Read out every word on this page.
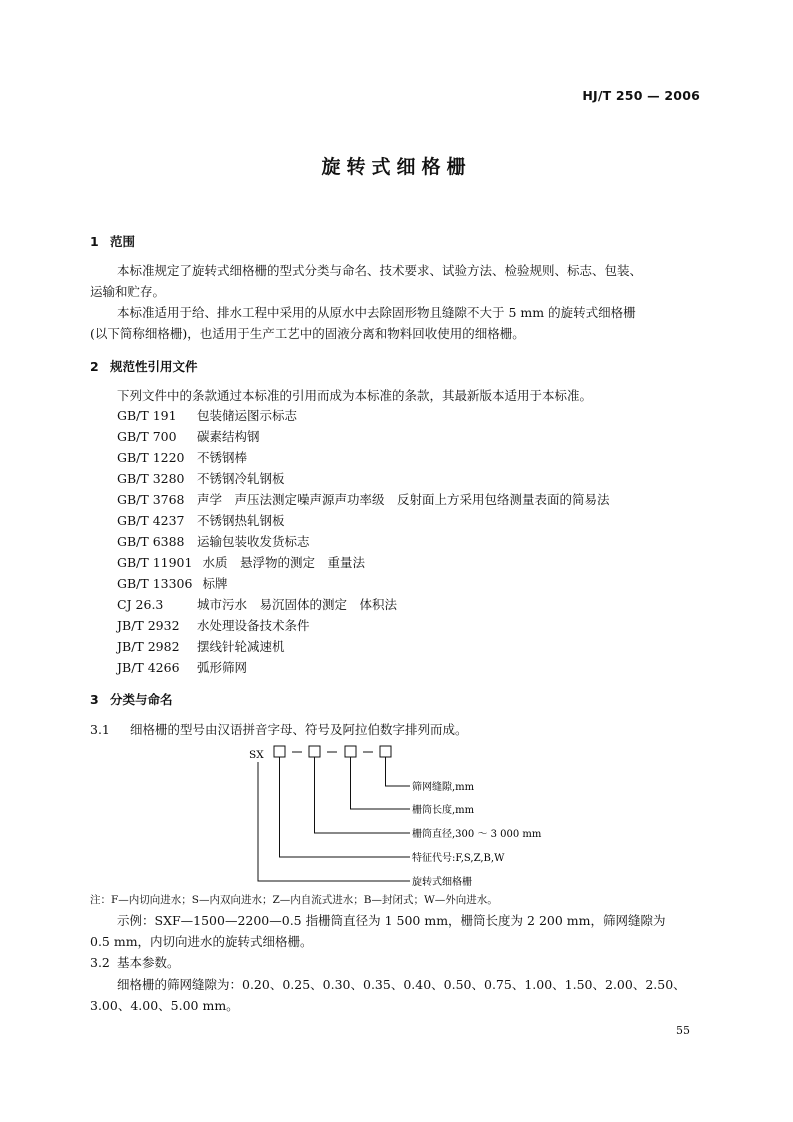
HJ/T 250 — 2006
旋转式细格栅
1 范围
本标准规定了旋转式细格栅的型式分类与命名、技术要求、试验方法、检验规则、标志、包装、
运输和贮存。
本标准适用于给、排水工程中采用的从原水中去除固形物且缝隙不大于 5 mm 的旋转式细格栅
(以下简称细格栅)，也适用于生产工艺中的固液分离和物料回收使用的细格栅。
2 规范性引用文件
下列文件中的条款通过本标准的引用而成为本标准的条款，其最新版本适用于本标准。
GB/T 191 包装储运图示标志
GB/T 700 碳素结构钢
GB/T 1220 不锈钢棒
GB/T 3280 不锈钢冷轧钢板
GB/T 3768 声学　声压法测定噪声源声功率级　反射面上方采用包络测量表面的简易法
GB/T 4237 不锈钢热轧钢板
GB/T 6388 运输包装收发货标志
GB/T 11901 水质　悬浮物的测定　重量法
GB/T 13306 标牌
CJ 26.3	城市污水　易沉固体的测定　体积法
JB/T 2932 水处理设备技术条件
JB/T 2982 摆线针轮减速机
JB/T 4266 弧形筛网
3 分类与命名
3.1 细格栅的型号由汉语拼音字母、符号及阿拉伯数字排列而成。
SX
筛网缝隙,mm
栅筒长度,mm
栅筒直径,300 ～ 3 000 mm
特征代号:F,S,Z,B,W
旋转式细格栅
注：F—内切向进水；S—内双向进水；Z—内自流式进水；B—封闭式；W—外向进水。
示例：SXF—1500—2200—0.5 指栅筒直径为 1 500 mm，栅筒长度为 2 200 mm，筛网缝隙为
0.5 mm，内切向进水的旋转式细格栅。
3.2 基本参数。
细格栅的筛网缝隙为：0.20、0.25、0.30、0.35、0.40、0.50、0.75、1.00、1.50、2.00、2.50、
3.00、4.00、5.00 mm。
55
